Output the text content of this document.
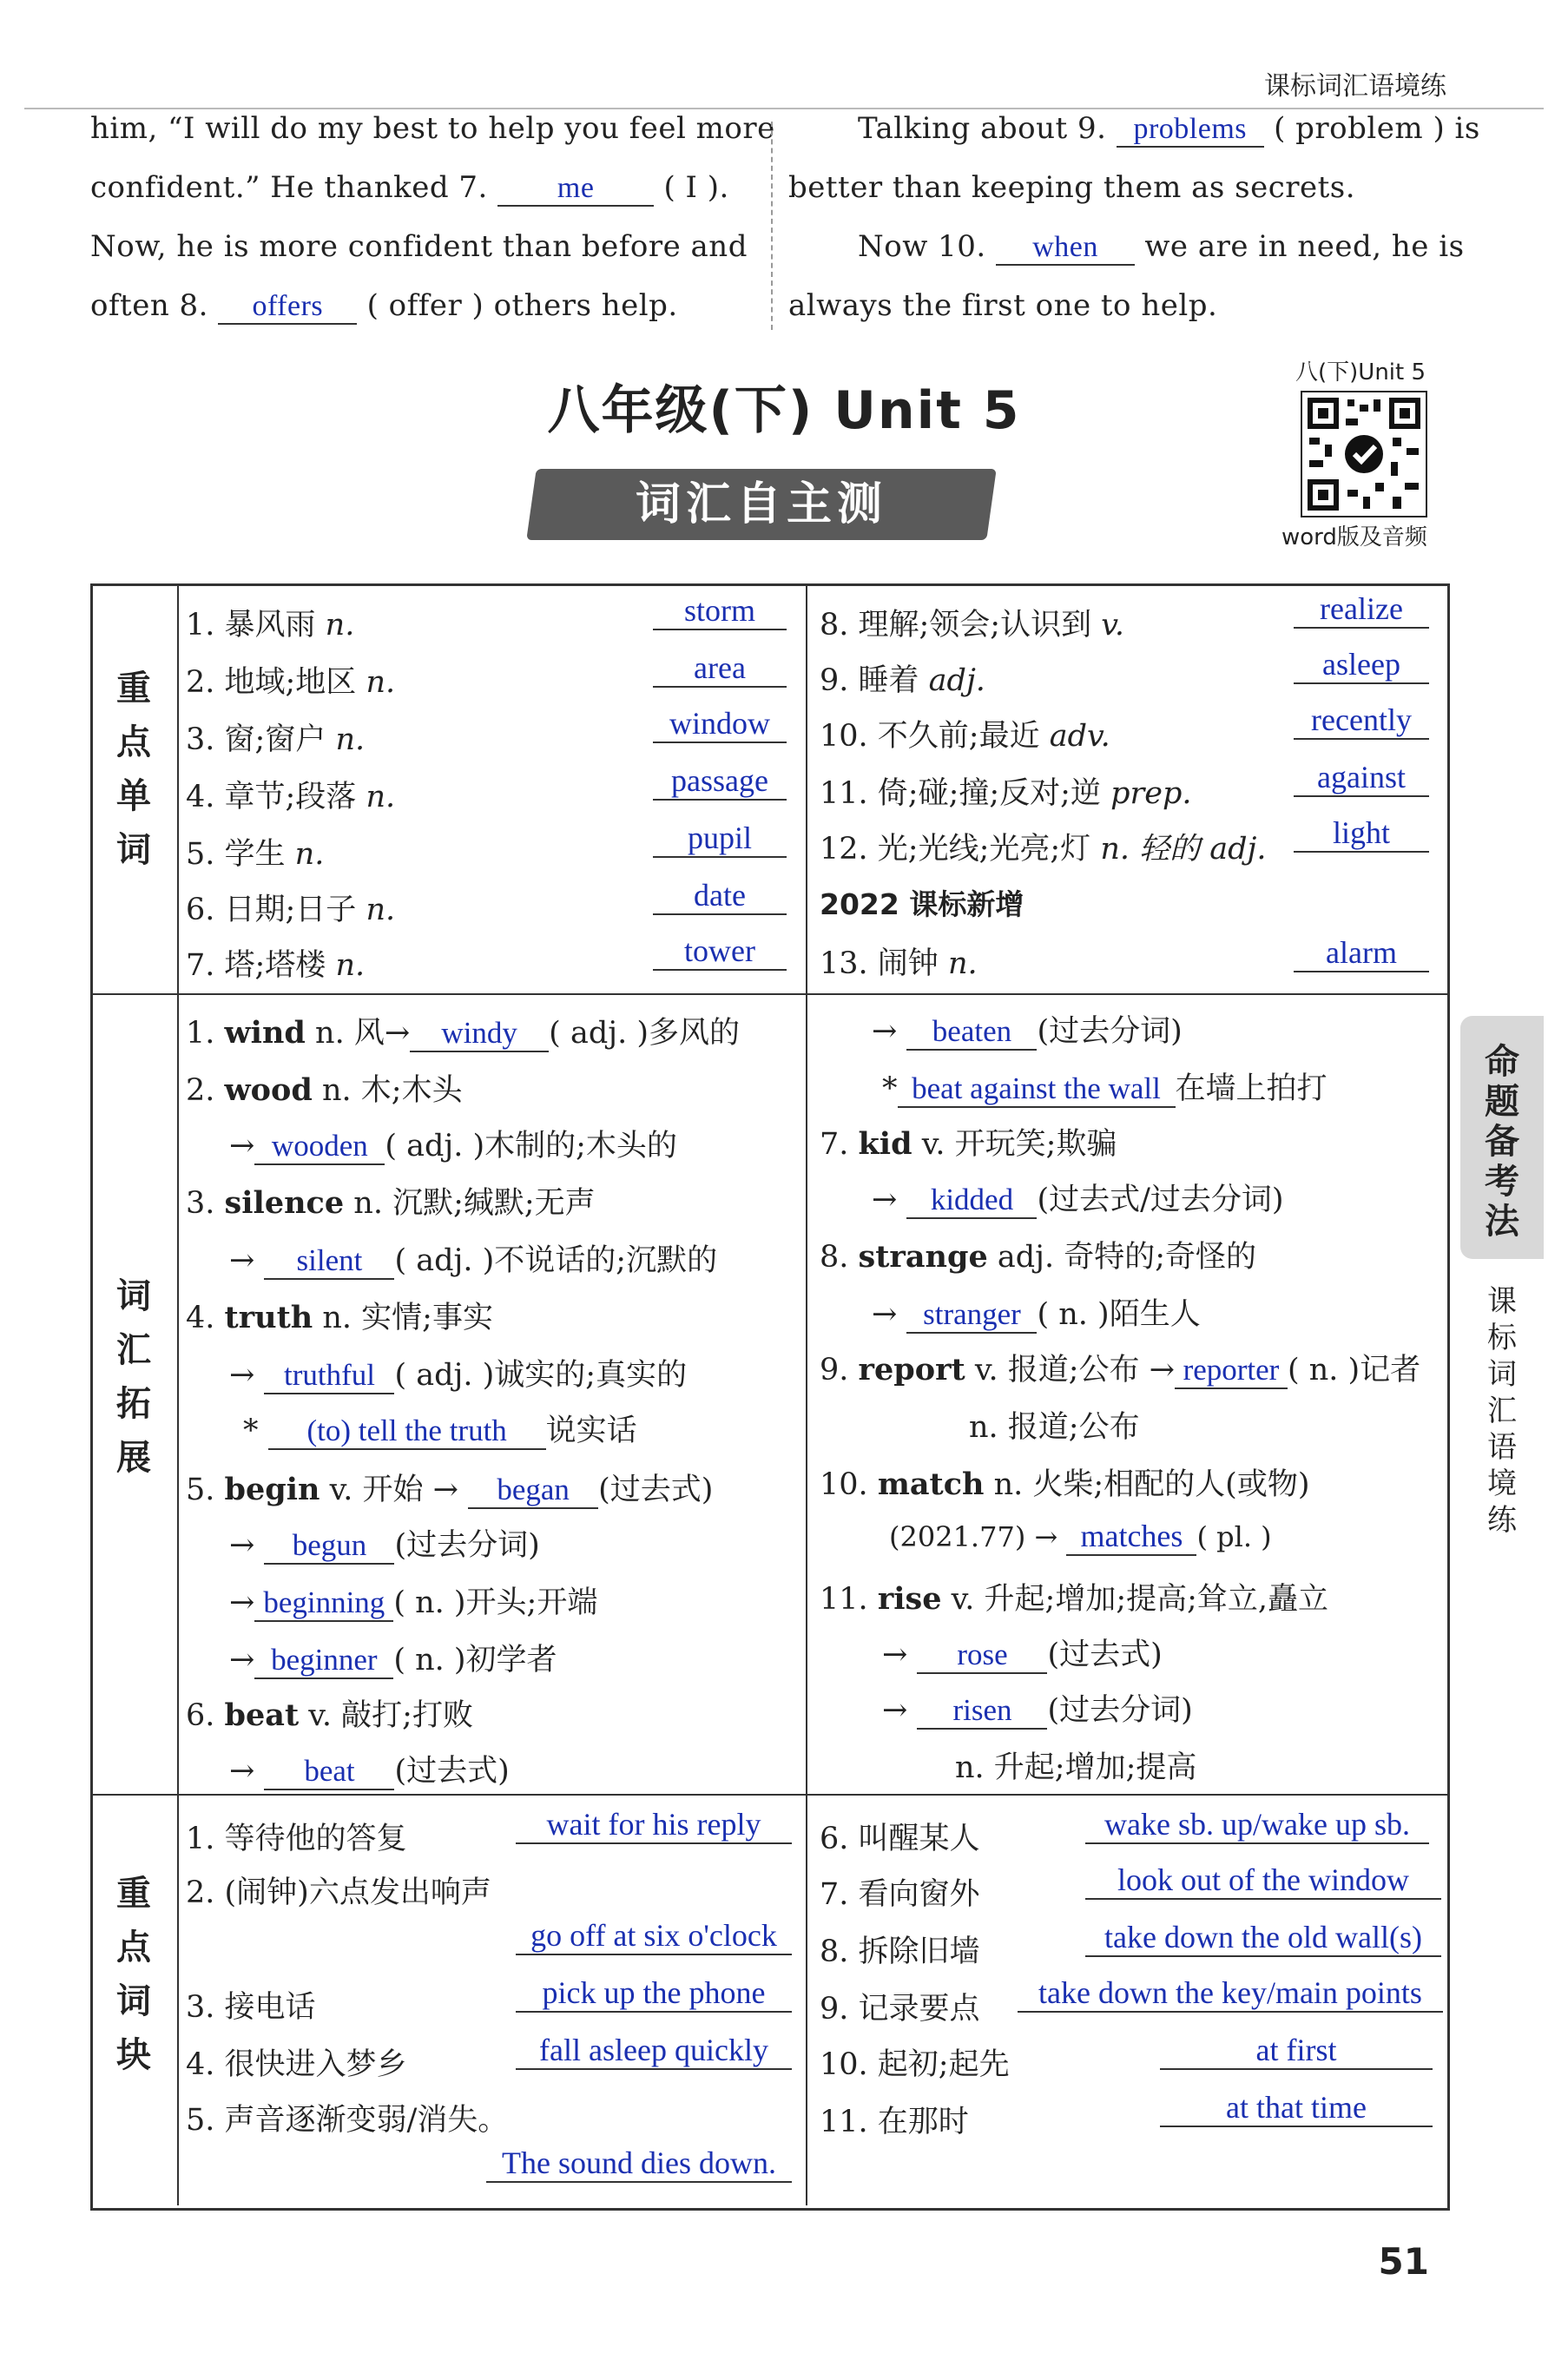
课标词汇语境练
him, “I will do my best to help you feel more
confident.” He thanked 7. me ( I ).
Now, he is more confident than before and
often 8. offers ( offer ) others help.
Talking about 9. problems ( problem ) is
better than keeping them as secrets.
Now 10. when we are in need, he is
always the first one to help.
八年级(下) Unit 5
词汇自主测
八(下)Unit 5
word版及音频
重
点
单
词
词
汇
拓
展
重
点
词
块
1. 暴风雨 n.	storm
2. 地域;地区 n.	area
3. 窗;窗户 n.	window
4. 章节;段落 n.	passage
5. 学生 n.	pupil
6. 日期;日子 n.	date
7. 塔;塔楼 n.	tower
8. 理解;领会;认识到 v.	realize
9. 睡着 adj.	asleep
10. 不久前;最近 adv.	recently
11. 倚;碰;撞;反对;逆 prep.	against
12. 光;光线;光亮;灯 n. 轻的 adj.	light
2022 课标新增
13. 闹钟 n.	alarm
1. wind n. 风→ windy ( adj. )多风的
2. wood n. 木;木头
→ wooden ( adj. )木制的;木头的
3. silence n. 沉默;缄默;无声
→ silent ( adj. )不说话的;沉默的
4. truth n. 实情;事实
→ truthful ( adj. )诚实的;真实的
* (to) tell the truth 说实话
5. begin v. 开始 → began (过去式)
→ begun (过去分词)
→ beginning ( n. )开头;开端
→ beginner ( n. )初学者
6. beat v. 敲打;打败
→ beat (过去式)
→ beaten (过去分词)
* beat against the wall 在墙上拍打
7. kid v. 开玩笑;欺骗
→ kidded (过去式/过去分词)
8. strange adj. 奇特的;奇怪的
→ stranger ( n. )陌生人
9. report v. 报道;公布 → reporter ( n. )记者
n. 报道;公布
10. match n. 火柴;相配的人(或物)
(2021.77) → matches ( pl. )
11. rise v. 升起;增加;提高;耸立,矗立
→ rose (过去式)
→ risen (过去分词)
n. 升起;增加;提高
1. 等待他的答复	wait for his reply
2. (闹钟)六点发出响声
go off at six o'clock
3. 接电话	pick up the phone
4. 很快进入梦乡	fall asleep quickly
5. 声音逐渐变弱/消失。
The sound dies down.
6. 叫醒某人	wake sb. up/wake up sb.
7. 看向窗外	look out of the window
8. 拆除旧墙	take down the old wall(s)
9. 记录要点	take down the key/main points
10. 起初;起先	at first
11. 在那时	at that time
命
题
备
考
法
课
标
词
汇
语
境
练
51
